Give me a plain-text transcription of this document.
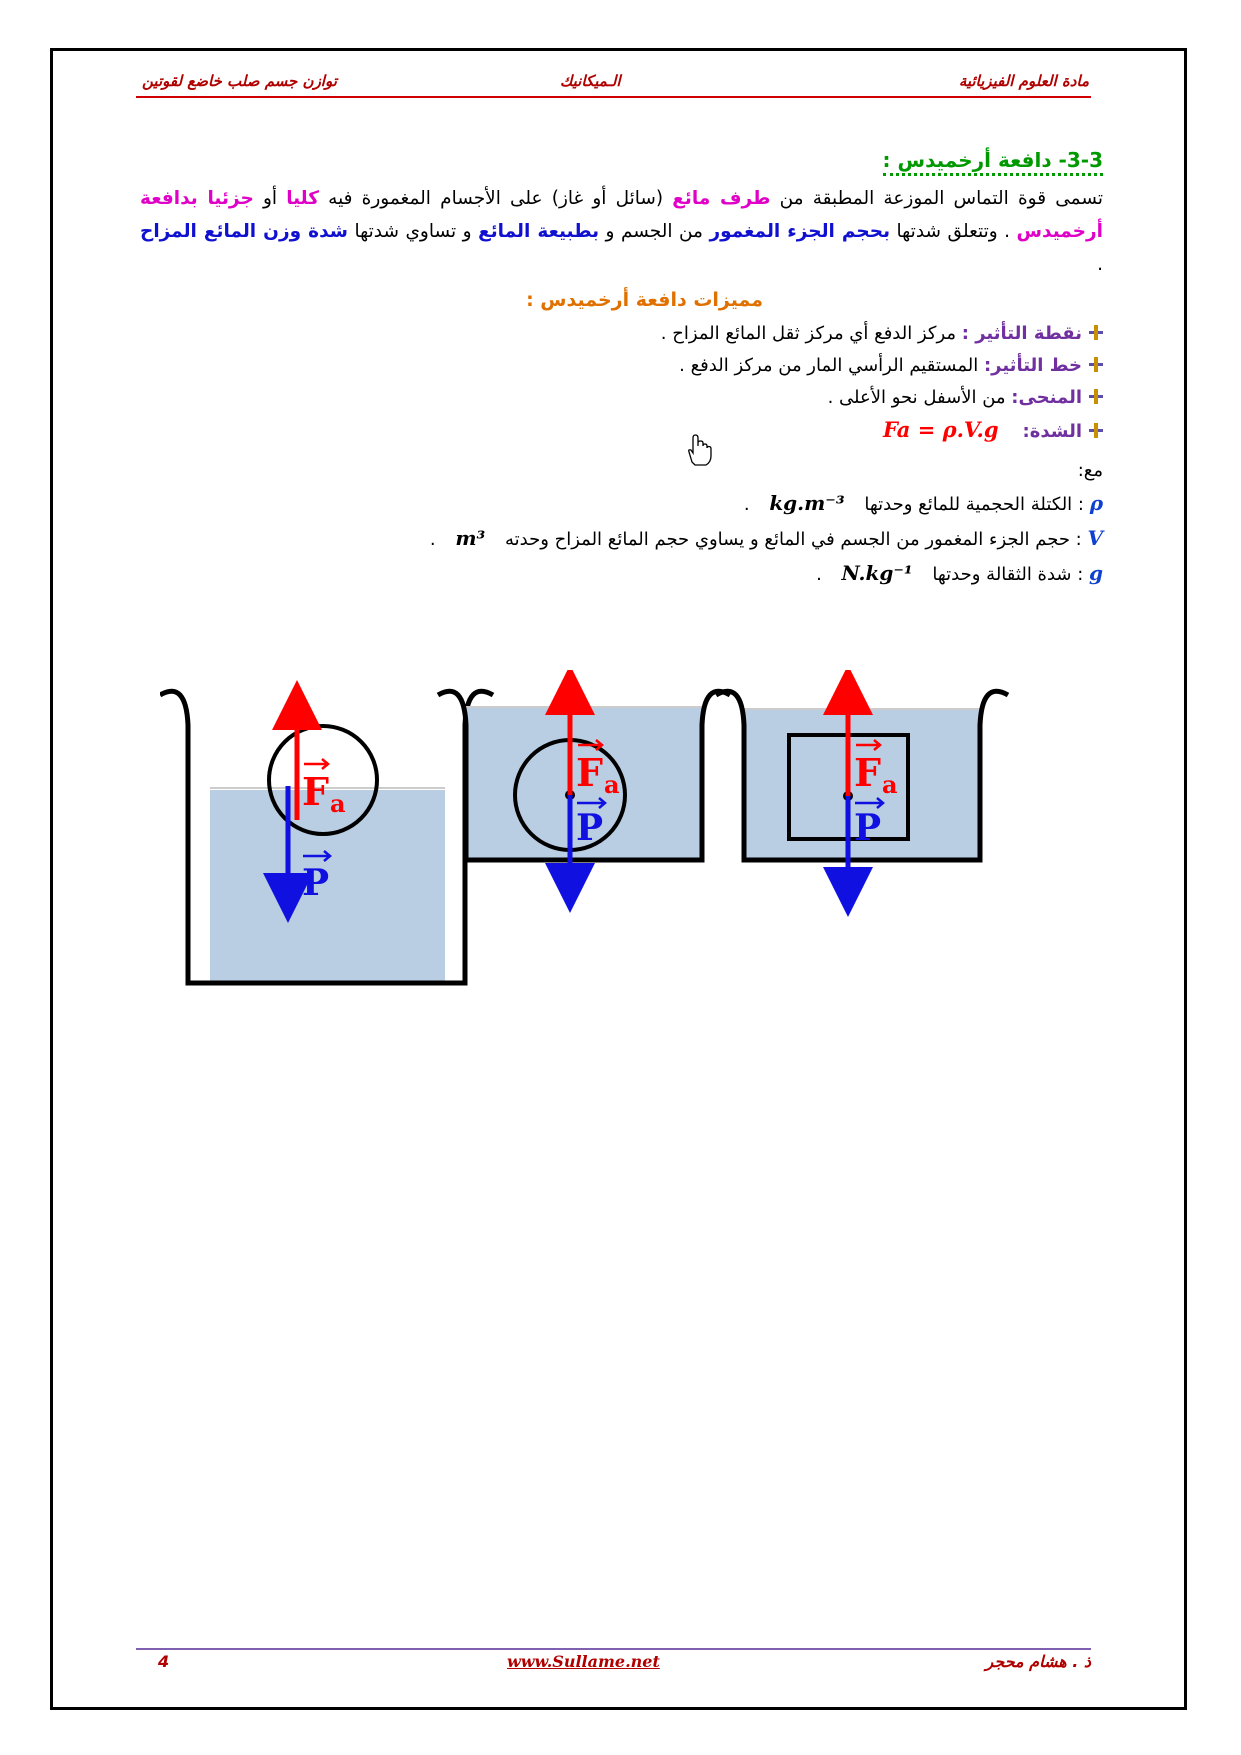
مادة العلوم الفيزيائية
الـميكانيك
توازن جسم صلب خاضع لقوتين
3-3- دافعة أرخميدس :
تسمى قوة التماس الموزعة المطبقة من طرف مائع (سائل أو غاز) على الأجسام المغمورة فيه كليا أو جزئيا بدافعة أرخميدس . وتتعلق شدتها بحجم الجزء المغمور من الجسم و بطبيعة المائع و تساوي شدتها شدة وزن المائع المزاح .
مميزات دافعة أرخميدس :
نقطة التأثير : مركز الدفع أي مركز ثقل المائع المزاح .
خط التأثير: المستقيم الرأسي المار من مركز الدفع .
المنحى: من الأسفل نحو الأعلى .
الشدة:Fa = ρ.V.g
مع:
ρ : الكتلة الحجمية للمائع وحدتها kg.m⁻³ .
V : حجم الجزء المغمور من الجسم في المائع و يساوي حجم المائع المزاح وحدته m³ .
g : شدة الثقالة وحدتها N.kg⁻¹ .
F a
P
F a
P
F a
P
4	www.Sullame.net	ذ . هشام محجر
